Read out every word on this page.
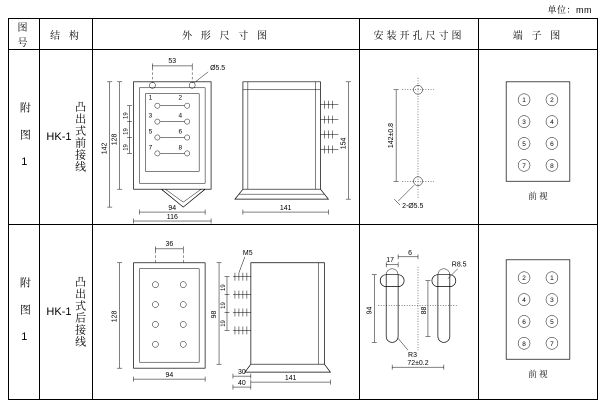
单位：mm
图 号	结 构	外 形 尺 寸 图	安装开孔尺寸图	端 子 图
附 图 1	HK-1 凸出式前接线

1	2
3	4
5	6
7	8
53
Ø5.5
142
128
19
19
19
94
116
154
141

142±0.8
2-Ø5.5

1	2
3	4
5	6
7	8
前 视

附 图 1	HK-1 凸出式后接线

36
128
94
M5
98
19
19
19
30
40
141

17
6
R8.5
94	88
R3
72±0.2

2	1
4	3
6	5
8	7
前 视
